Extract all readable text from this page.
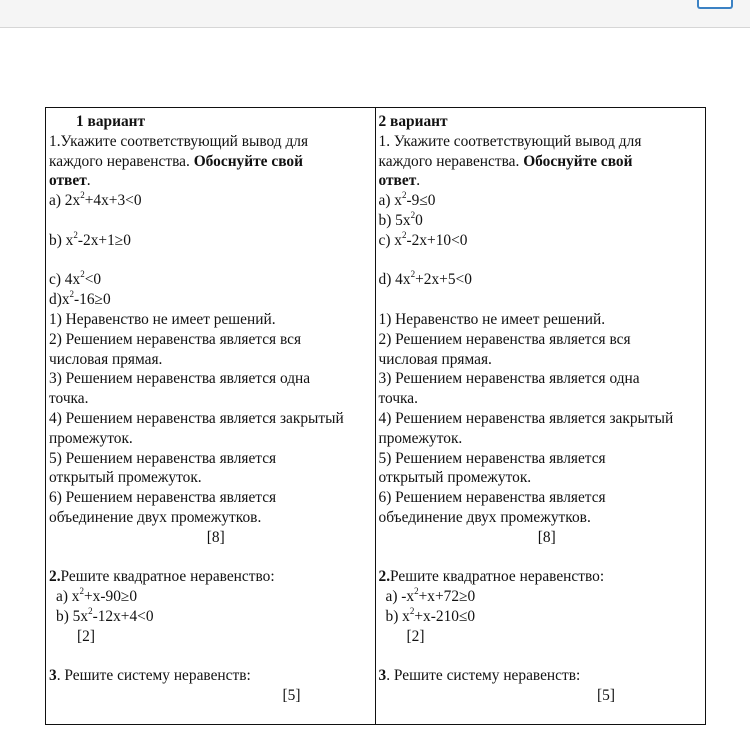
1 вариант
1.Укажите соответствующий вывод для
каждого неравенства. Обоснуйте свой
ответ.
a) $2x^2+4x+3<0$
b) $x^2-2x+1\ge 0$
c) $4x^2<0$
$d)x^2-16\ge 0$
1) Неравенство не имеет решений.
2) Решением неравенства является вся
числовая прямая.
3) Решением неравенства является одна
точка.
4) Решением неравенства является закрытый
промежуток.
5) Решением неравенства является
открытый промежуток.
6) Решением неравенства является
объединение двух промежутков.
[8]
2.Решите квадратное неравенство:
a) $x^2+x-90\ge 0$
b) $5x^2-12x+4<0$
[2]
3. Решите систему неравенств:
[5]
2 вариант
1. Укажите соответствующий вывод для
каждого неравенства. Обоснуйте свой
ответ.
a) $x^2-9\le 0$
b) $5x^20$
c) $x^2-2x+10<0$
d) $4x^2+2x+5<0$
1) Неравенство не имеет решений.
2) Решением неравенства является вся
числовая прямая.
3) Решением неравенства является одна
точка.
4) Решением неравенства является закрытый
промежуток.
5) Решением неравенства является
открытый промежуток.
6) Решением неравенства является
объединение двух промежутков.
[8]
2.Решите квадратное неравенство:
a) $-x^2+x+72\ge 0$
b) $x^2+x-210\le 0$
[2]
3. Решите систему неравенств:
[5]
